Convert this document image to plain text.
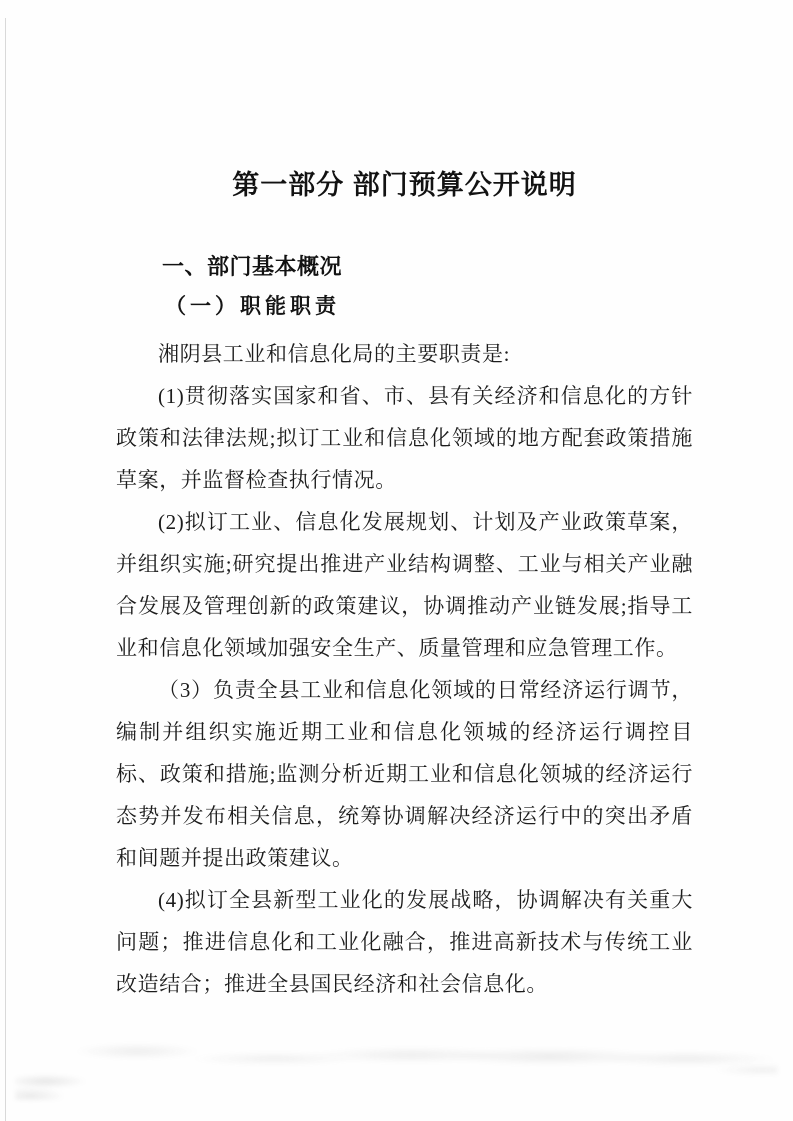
第一部分 部门预算公开说明
一、部门基本概况
（一）职能职责

湘阴县工业和信息化局的主要职责是:

(1)贯彻落实国家和省、市、县有关经济和信息化的方针政策和法律法规;拟订工业和信息化领域的地方配套政策措施草案，并监督检查执行情况。

(2)拟订工业、信息化发展规划、计划及产业政策草案，并组织实施;研究提出推进产业结构调整、工业与相关产业融合发展及管理创新的政策建议，协调推动产业链发展;指导工业和信息化领域加强安全生产、质量管理和应急管理工作。

（3）负责全县工业和信息化领域的日常经济运行调节，编制并组织实施近期工业和信息化领城的经济运行调控目标、政策和措施;监测分析近期工业和信息化领城的经济运行态势并发布相关信息，统筹协调解决经济运行中的突出矛盾和间题并提出政策建议。

(4)拟订全县新型工业化的发展战略，协调解决有关重大问题；推进信息化和工业化融合，推进高新技术与传统工业改造结合；推进全县国民经济和社会信息化。
